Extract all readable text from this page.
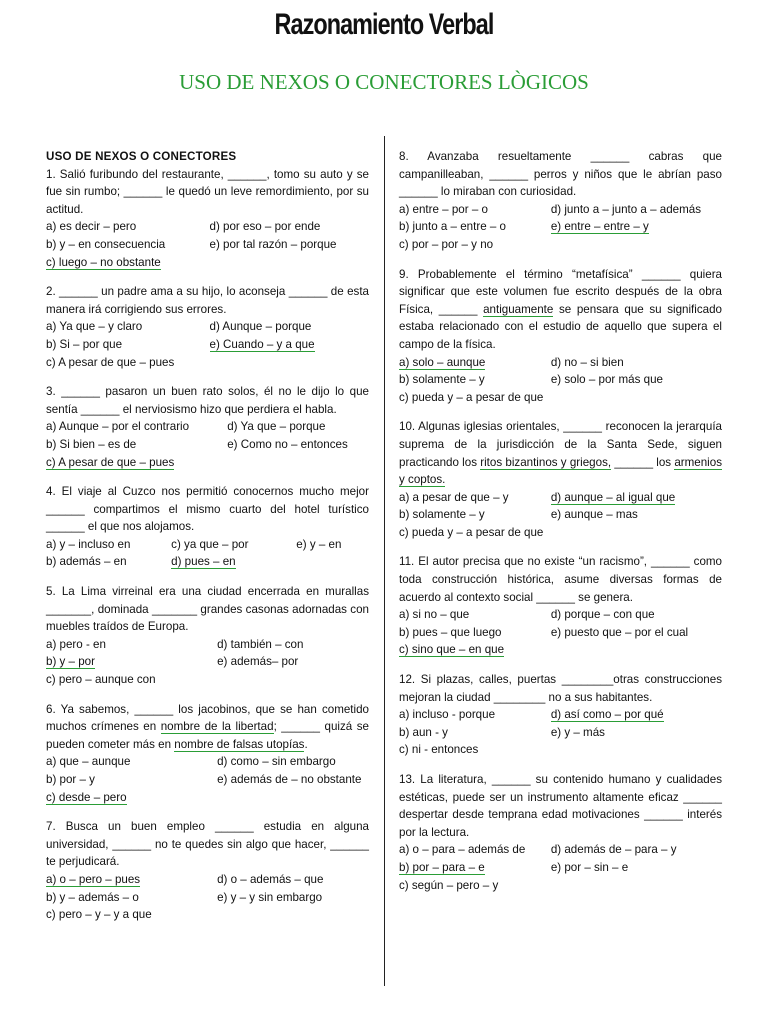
Razonamiento Verbal
USO DE NEXOS O CONECTORES LÒGICOS
USO DE NEXOS O CONECTORES
1. Salió furibundo del restaurante, ______, tomo su auto y se fue sin rumbo; ______ le quedó un leve remordimiento, por su actitud.
a) es decir – pero	d) por eso – por ende
b) y – en consecuencia	e) por tal razón – porque
c) luego – no obstante
2. ______ un padre ama a su hijo, lo aconseja ______ de esta manera irá corrigiendo sus errores.
a) Ya que – y claro	d) Aunque – porque
b) Si – por que	e) Cuando – y a que
c) A pesar de que – pues
3. ______ pasaron un buen rato solos, él no le dijo lo que sentía ______ el nerviosismo hizo que perdiera el habla.
a) Aunque – por el contrario	d) Ya que – porque
b) Si bien – es de	e) Como no – entonces
c) A pesar de que – pues
4. El viaje al Cuzco nos permitió conocernos mucho mejor ______ compartimos el mismo cuarto del hotel turístico ______ el que nos alojamos.
a) y – incluso en	c) ya que – por	e) y – en
b) además – en	d) pues – en
5. La Lima virreinal era una ciudad encerrada en murallas _______, dominada _______ grandes casonas adornadas con muebles traídos de Europa.
a) pero - en	d) también – con
b) y – por	e) además– por
c) pero – aunque con
6. Ya sabemos, ______ los jacobinos, que se han cometido muchos crímenes en nombre de la libertad; ______ quizá se pueden cometer más en nombre de falsas utopías.
a) que – aunque	d) como – sin embargo
b) por – y	e) además de – no obstante
c) desde – pero
7. Busca un buen empleo ______ estudia en alguna universidad, ______ no te quedes sin algo que hacer, ______ te perjudicará.
a) o – pero – pues	d) o – además – que
b) y – además – o	e) y – y sin embargo
c) pero – y – y a que
8. Avanzaba resueltamente ______ cabras que campanilleaban, ______ perros y niños que le abrían paso ______ lo miraban con curiosidad.
a) entre – por – o	d) junto a – junto a – además
b) junto a – entre – o	e) entre – entre – y
c) por – por – y no
9. Probablemente el término “metafísica” ______ quiera significar que este volumen fue escrito después de la obra Física, ______ antiguamente se pensara que su significado estaba relacionado con el estudio de aquello que supera el campo de la física.
a) solo – aunque	d) no – si bien
b) solamente – y	e) solo – por más que
c) pueda y – a pesar de que
10. Algunas iglesias orientales, ______ reconocen la jerarquía suprema de la jurisdicción de la Santa Sede, siguen practicando los ritos bizantinos y griegos, ______ los armenios y coptos.
a) a pesar de que – y	d) aunque – al igual que
b) solamente – y	e) aunque – mas
c) pueda y – a pesar de que
11. El autor precisa que no existe “un racismo”, ______ como toda construcción histórica, asume diversas formas de acuerdo al contexto social ______ se genera.
a) si no – que	d) porque – con que
b) pues – que luego	e) puesto que – por el cual
c) sino que – en que
12. Si plazas, calles, puertas ________otras construcciones mejoran la ciudad ________ no a sus habitantes.
a) incluso - porque	d) así como – por qué
b) aun - y	e) y – más
c) ni - entonces
13. La literatura, ______ su contenido humano y cualidades estéticas, puede ser un instrumento altamente eficaz ______ despertar desde temprana edad motivaciones ______ interés por la lectura.
a) o – para – además de	d) además de – para – y
b) por – para – e	e) por – sin – e
c) según – pero – y
